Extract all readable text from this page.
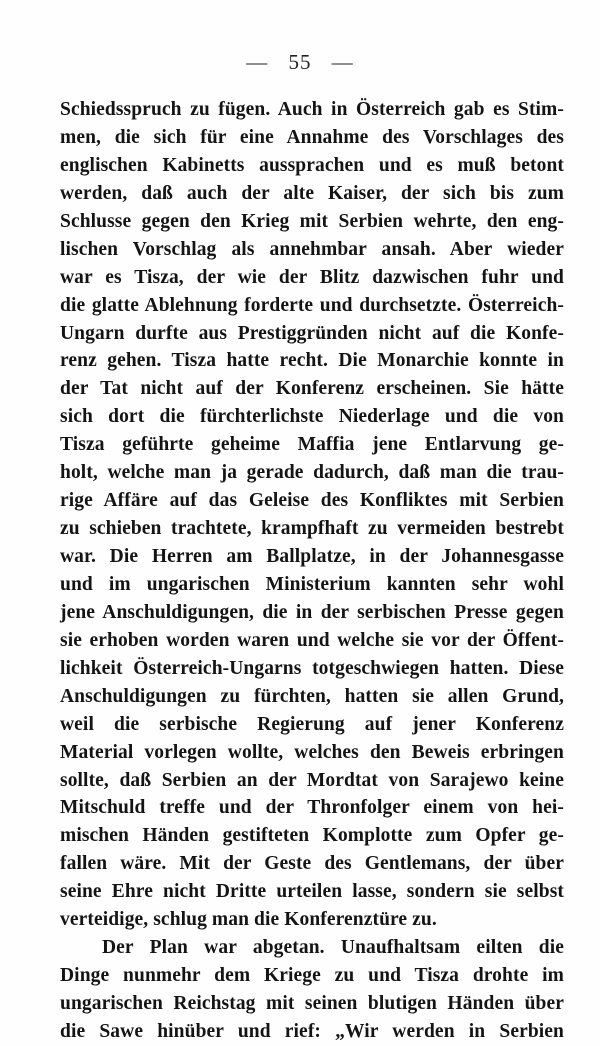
— 55 —
Schiedsspruch zu fügen. Auch in Österreich gab es Stim-
men, die sich für eine Annahme des Vorschlages des
englischen Kabinetts aussprachen und es muß betont
werden, daß auch der alte Kaiser, der sich bis zum
Schlusse gegen den Krieg mit Serbien wehrte, den eng-
lischen Vorschlag als annehmbar ansah. Aber wieder
war es Tisza, der wie der Blitz dazwischen fuhr und
die glatte Ablehnung forderte und durchsetzte. Österreich-
Ungarn durfte aus Prestiggründen nicht auf die Konfe-
renz gehen. Tisza hatte recht. Die Monarchie konnte in
der Tat nicht auf der Konferenz erscheinen. Sie hätte
sich dort die fürchterlichste Niederlage und die von
Tisza geführte geheime Maffia jene Entlarvung ge-
holt, welche man ja gerade dadurch, daß man die trau-
rige Affäre auf das Geleise des Konfliktes mit Serbien
zu schieben trachtete, krampfhaft zu vermeiden bestrebt
war. Die Herren am Ballplatze, in der Johannesgasse
und im ungarischen Ministerium kannten sehr wohl
jene Anschuldigungen, die in der serbischen Presse gegen
sie erhoben worden waren und welche sie vor der Öffent-
lichkeit Österreich-Ungarns totgeschwiegen hatten. Diese
Anschuldigungen zu fürchten, hatten sie allen Grund,
weil die serbische Regierung auf jener Konferenz
Material vorlegen wollte, welches den Beweis erbringen
sollte, daß Serbien an der Mordtat von Sarajewo keine
Mitschuld treffe und der Thronfolger einem von hei-
mischen Händen gestifteten Komplotte zum Opfer ge-
fallen wäre. Mit der Geste des Gentlemans, der über
seine Ehre nicht Dritte urteilen lasse, sondern sie selbst
verteidige, schlug man die Konferenztüre zu.
Der Plan war abgetan. Unaufhaltsam eilten die
Dinge nunmehr dem Kriege zu und Tisza drohte im
ungarischen Reichstag mit seinen blutigen Händen über
die Sawe hinüber und rief: „Wir werden in Serbien
